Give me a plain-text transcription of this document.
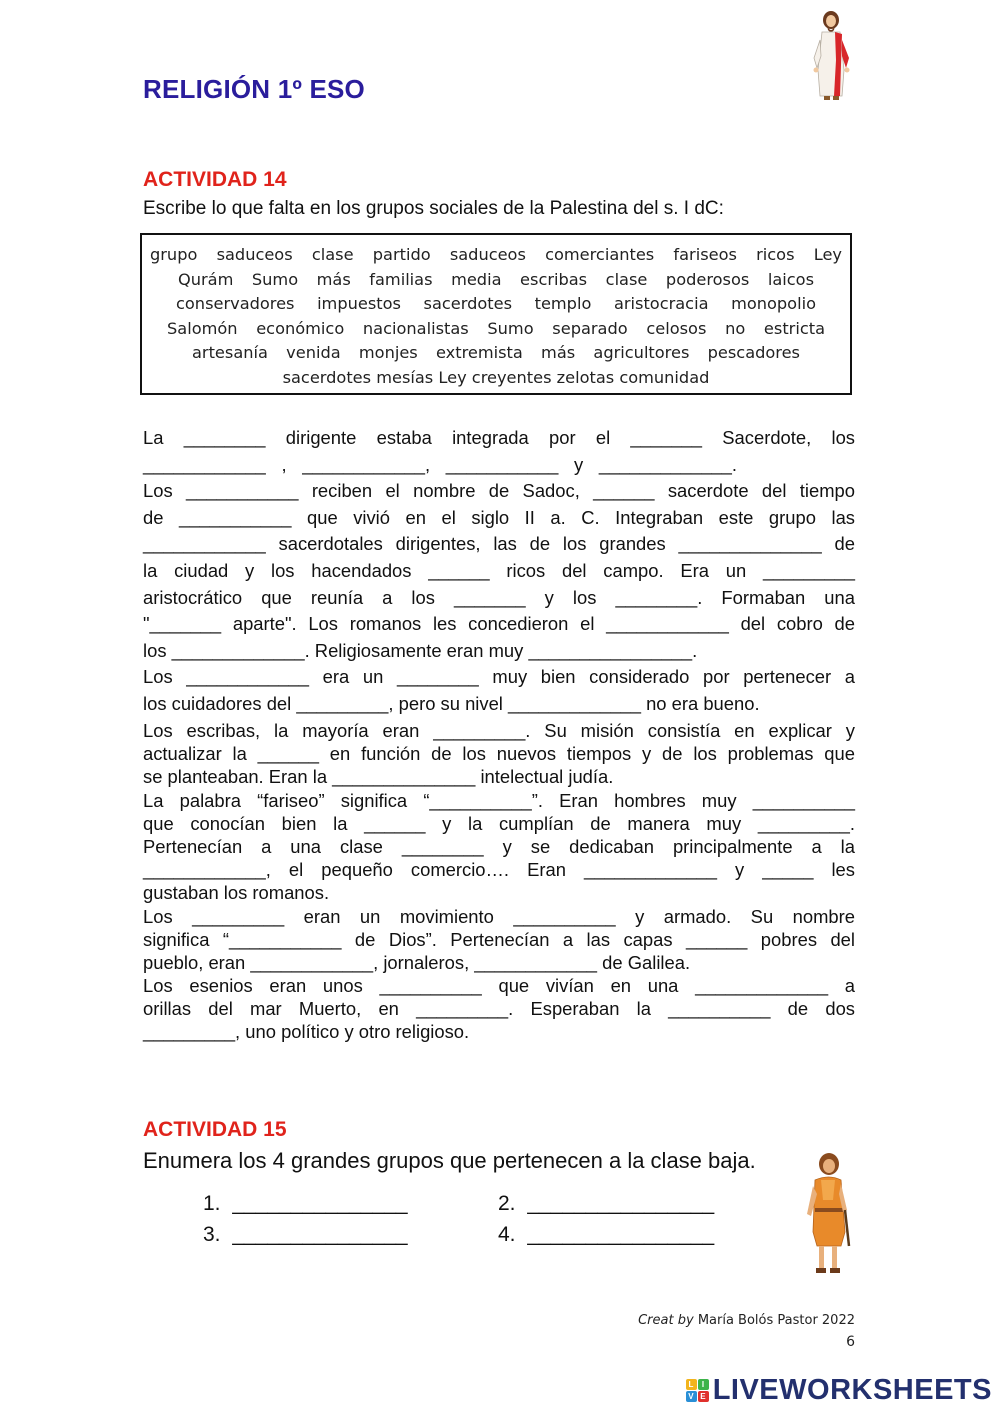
RELIGIÓN 1º ESO
ACTIVIDAD 14
Escribe lo que falta en los grupos sociales de la Palestina del s. I dC:
grupo saduceos clase partido saduceos comerciantes fariseos ricos Ley
Qurám Sumo más familias media escribas clase poderosos laicos
conservadores impuestos sacerdotes templo aristocracia monopolio
Salomón económico nacionalistas Sumo separado celosos no estricta
artesanía venida monjes extremista más agricultores pescadores
sacerdotes mesías Ley creyentes zelotas comunidad
La ________ dirigente estaba integrada por el _______ Sacerdote, los
____________ , ____________, ___________ y _____________.
Los ___________ reciben el nombre de Sadoc, ______ sacerdote del tiempo
de ___________ que vivió en el siglo II a. C. Integraban este grupo las
____________ sacerdotales dirigentes, las de los grandes ______________ de
la ciudad y los hacendados ______ ricos del campo. Era un _________
aristocrático que reunía a los _______ y los ________. Formaban una
"_______ aparte". Los romanos les concedieron el ____________ del cobro de
los _____________. Religiosamente eran muy ________________.
Los ____________ era un ________ muy bien considerado por pertenecer a
los cuidadores del _________, pero su nivel _____________ no era bueno.
Los escribas, la mayoría eran _________. Su misión consistía en explicar y
actualizar la ______ en función de los nuevos tiempos y de los problemas que
se planteaban. Eran la ______________ intelectual judía.
La palabra “fariseo” significa “__________”. Eran hombres muy __________
que conocían bien la ______ y la cumplían de manera muy _________.
Pertenecían a una clase ________ y se dedicaban principalmente a la
____________, el pequeño comercio…. Eran _____________ y _____ les
gustaban los romanos.
Los _________ eran un movimiento __________ y armado. Su nombre
significa “___________ de Dios”. Pertenecían a las capas ______ pobres del
pueblo, eran ____________, jornaleros, ____________ de Galilea.
Los esenios eran unos __________ que vivían en una _____________ a
orillas del mar Muerto, en _________. Esperaban la __________ de dos
_________, uno político y otro religioso.
ACTIVIDAD 15
Enumera los 4 grandes grupos que pertenecen a la clase baja.
1. _______________	2. ________________
3. _______________	4. ________________
Creat by María Bolós Pastor 2022
6
L I
V E LIVEWORKSHEETS
